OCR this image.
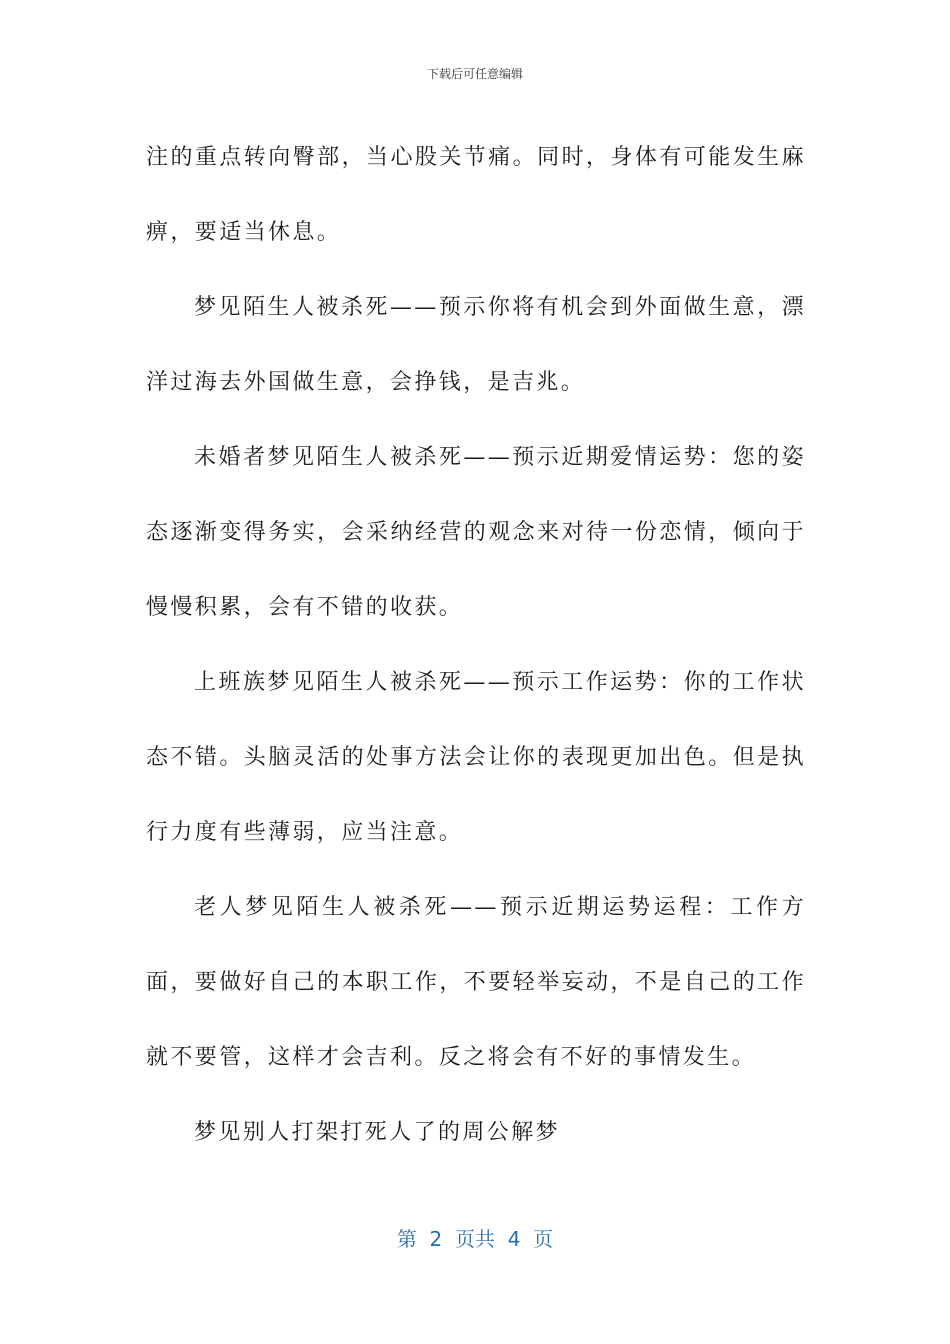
下载后可任意编辑

注的重点转向臀部，当心股关节痛。同时，身体有可能发生麻痹，要适当休息。

梦见陌生人被杀死——预示你将有机会到外面做生意，漂洋过海去外国做生意，会挣钱，是吉兆。

未婚者梦见陌生人被杀死——预示近期爱情运势：您的姿态逐渐变得务实，会采纳经营的观念来对待一份恋情，倾向于慢慢积累，会有不错的收获。

上班族梦见陌生人被杀死——预示工作运势：你的工作状态不错。头脑灵活的处事方法会让你的表现更加出色。但是执行力度有些薄弱，应当注意。

老人梦见陌生人被杀死——预示近期运势运程：工作方面，要做好自己的本职工作，不要轻举妄动，不是自己的工作就不要管，这样才会吉利。反之将会有不好的事情发生。

梦见别人打架打死人了的周公解梦

第  2  页共  4  页
